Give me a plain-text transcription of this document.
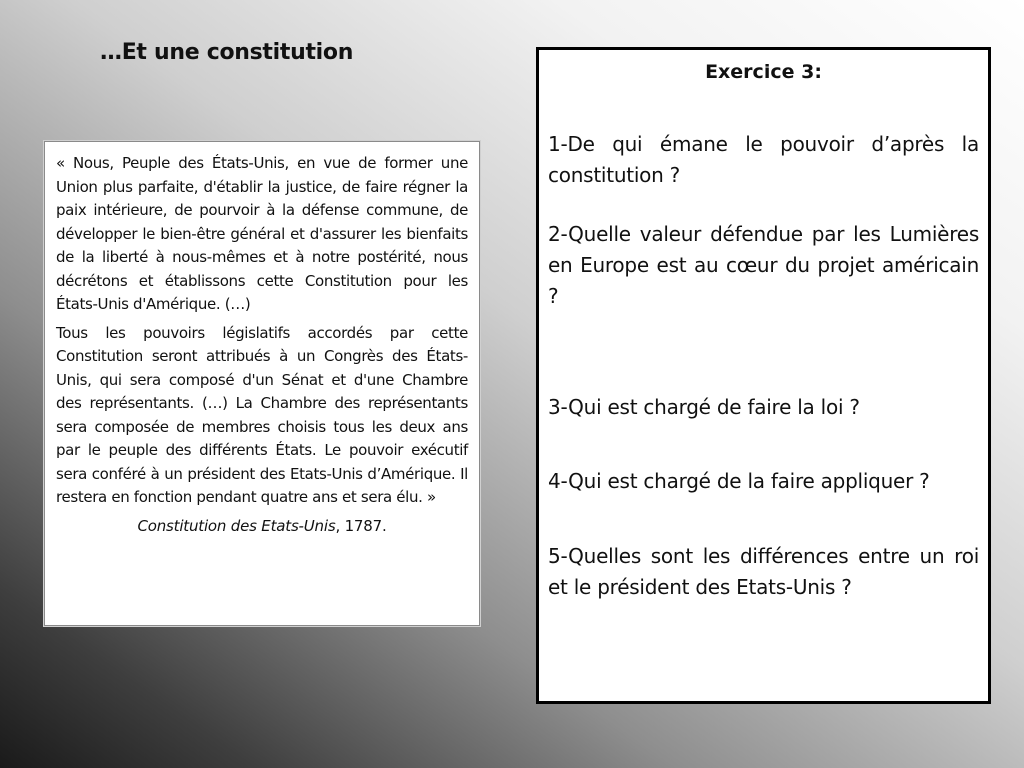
…Et une constitution

« Nous, Peuple des États-Unis, en vue de former une Union plus parfaite, d'établir la justice, de faire régner la paix intérieure, de pourvoir à la défense commune, de développer le bien-être général et d'assurer les bienfaits de la liberté à nous-mêmes et à notre postérité, nous décrétons et établissons cette Constitution pour les États-Unis d'Amérique. (…)

Tous les pouvoirs législatifs accordés par cette Constitution seront attribués à un Congrès des États-Unis, qui sera composé d'un Sénat et d'une Chambre des représentants. (…) La Chambre des représentants sera composée de membres choisis tous les deux ans par le peuple des différents États. Le pouvoir exécutif sera conféré à un président des Etats-Unis d’Amérique. Il restera en fonction pendant quatre ans et sera élu. »

Constitution des Etats-Unis, 1787.
Exercice 3:

1-De qui émane le pouvoir d’après la constitution ?

2-Quelle valeur défendue par les Lumières en Europe est au cœur du projet américain ?

3-Qui est chargé de faire la loi ?

4-Qui est chargé de la faire appliquer ?

5-Quelles sont les différences entre un roi et le président des Etats-Unis ?
